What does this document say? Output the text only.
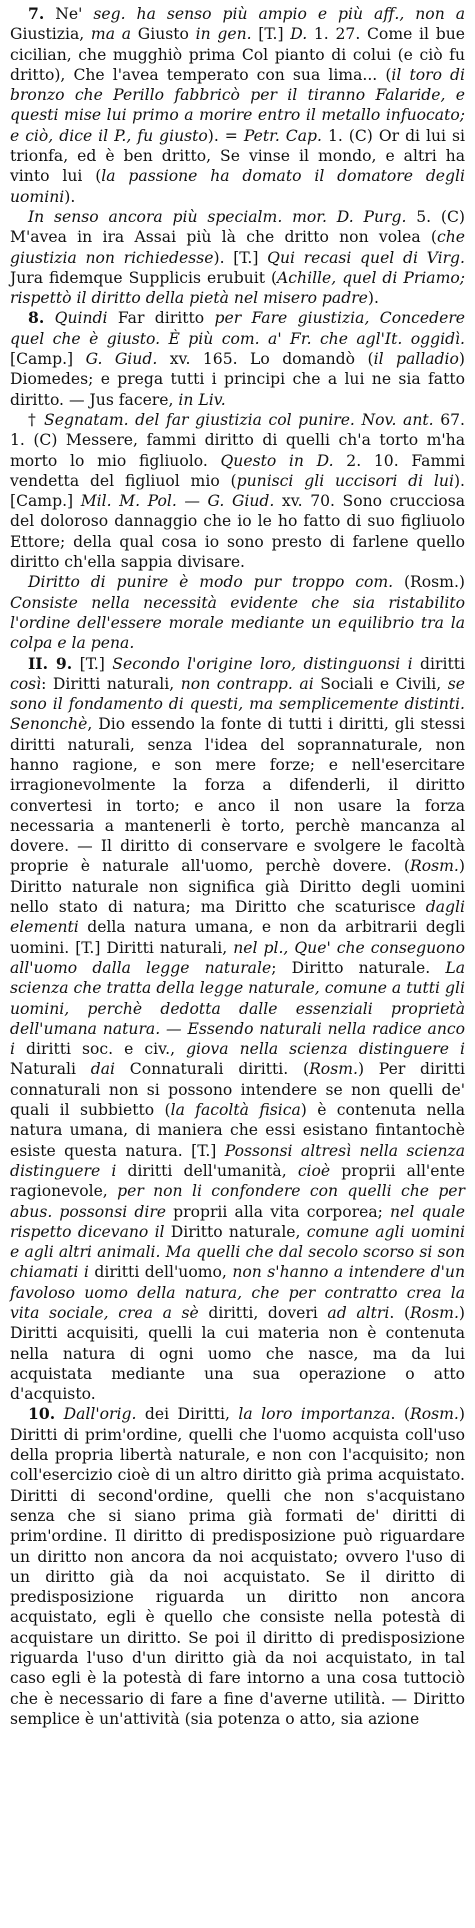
7. Ne' seg. ha senso più ampio e più aff., non a Giustizia, ma a Giusto in gen. [T.] D. 1. 27. Come il bue cicilian, che mugghiò prima Col pianto di colui (e ciò fu dritto), Che l'avea temperato con sua lima... (il toro di bronzo che Perillo fabbricò per il tiranno Falaride, e questi mise lui primo a morire entro il metallo infuocato; e ciò, dice il P., fu giusto). = Petr. Cap. 1. (C) Or di lui si trionfa, ed è ben dritto, Se vinse il mondo, e altri ha vinto lui (la passione ha domato il domatore degli uomini).

In senso ancora più specialm. mor. D. Purg. 5. (C) M'avea in ira Assai più là che dritto non volea (che giustizia non richiedesse). [T.] Qui recasi quel di Virg. Jura fidemque Supplicis erubuit (Achille, quel di Priamo; rispettò il diritto della pietà nel misero padre).

8. Quindi Far diritto per Fare giustizia, Concedere quel che è giusto. È più com. a' Fr. che agl'It. oggidì. [Camp.] G. Giud. xv. 165. Lo domandò (il palladio) Diomedes; e prega tutti i principi che a lui ne sia fatto diritto. — Jus facere, in Liv.

† Segnatam. del far giustizia col punire. Nov. ant. 67. 1. (C) Messere, fammi diritto di quelli ch'a torto m'ha morto lo mio figliuolo. Questo in D. 2. 10. Fammi vendetta del figliuol mio (punisci gli uccisori di lui). [Camp.] Mil. M. Pol. — G. Giud. xv. 70. Sono crucciosa del doloroso dannaggio che io le ho fatto di suo figliuolo Ettore; della qual cosa io sono presto di farlene quello diritto ch'ella sappia divisare.

Diritto di punire è modo pur troppo com. (Rosm.) Consiste nella necessità evidente che sia ristabilito l'ordine dell'essere morale mediante un equilibrio tra la colpa e la pena.

II. 9. [T.] Secondo l'origine loro, distinguonsi i diritti così: Diritti naturali, non contrapp. ai Sociali e Civili, se sono il fondamento di questi, ma semplicemente distinti. Senonchè, Dio essendo la fonte di tutti i diritti, gli stessi diritti naturali, senza l'idea del soprannaturale, non hanno ragione, e son mere forze; e nell'esercitare irragionevolmente la forza a difenderli, il diritto convertesi in torto; e anco il non usare la forza necessaria a mantenerli è torto, perchè mancanza al dovere. — Il diritto di conservare e svolgere le facoltà proprie è naturale all'uomo, perchè dovere. (Rosm.) Diritto naturale non significa già Diritto degli uomini nello stato di natura; ma Diritto che scaturisce dagli elementi della natura umana, e non da arbitrarii degli uomini. [T.] Diritti naturali, nel pl., Que' che conseguono all'uomo dalla legge naturale; Diritto naturale. La scienza che tratta della legge naturale, comune a tutti gli uomini, perchè dedotta dalle essenziali proprietà dell'umana natura. — Essendo naturali nella radice anco i diritti soc. e civ., giova nella scienza distinguere i Naturali dai Connaturali diritti. (Rosm.) Per diritti connaturali non si possono intendere se non quelli de' quali il subbietto (la facoltà fisica) è contenuta nella natura umana, di maniera che essi esistano fintantochè esiste questa natura. [T.] Possonsi altresì nella scienza distinguere i diritti dell'umanità, cioè proprii all'ente ragionevole, per non li confondere con quelli che per abus. possonsi dire proprii alla vita corporea; nel quale rispetto dicevano il Diritto naturale, comune agli uomini e agli altri animali. Ma quelli che dal secolo scorso si son chiamati i diritti dell'uomo, non s'hanno a intendere d'un favoloso uomo della natura, che per contratto crea la vita sociale, crea a sè diritti, doveri ad altri. (Rosm.) Diritti acquisiti, quelli la cui materia non è contenuta nella natura di ogni uomo che nasce, ma da lui acquistata mediante una sua operazione o atto d'acquisto.

10. Dall'orig. dei Diritti, la loro importanza. (Rosm.) Diritti di prim'ordine, quelli che l'uomo acquista coll'uso della propria libertà naturale, e non con l'acquisito; non coll'esercizio cioè di un altro diritto già prima acquistato. Diritti di second'ordine, quelli che non s'acquistano senza che si siano prima già formati de' diritti di prim'ordine. Il diritto di predisposizione può riguardare un diritto non ancora da noi acquistato; ovvero l'uso di un diritto già da noi acquistato. Se il diritto di predisposizione riguarda un diritto non ancora acquistato, egli è quello che consiste nella potestà di acquistare un diritto. Se poi il diritto di predisposizione riguarda l'uso d'un diritto già da noi acquistato, in tal caso egli è la potestà di fare intorno a una cosa tuttociò che è necessario di fare a fine d'averne utilità. — Diritto semplice è un'attività (sia potenza o atto, sia azione
